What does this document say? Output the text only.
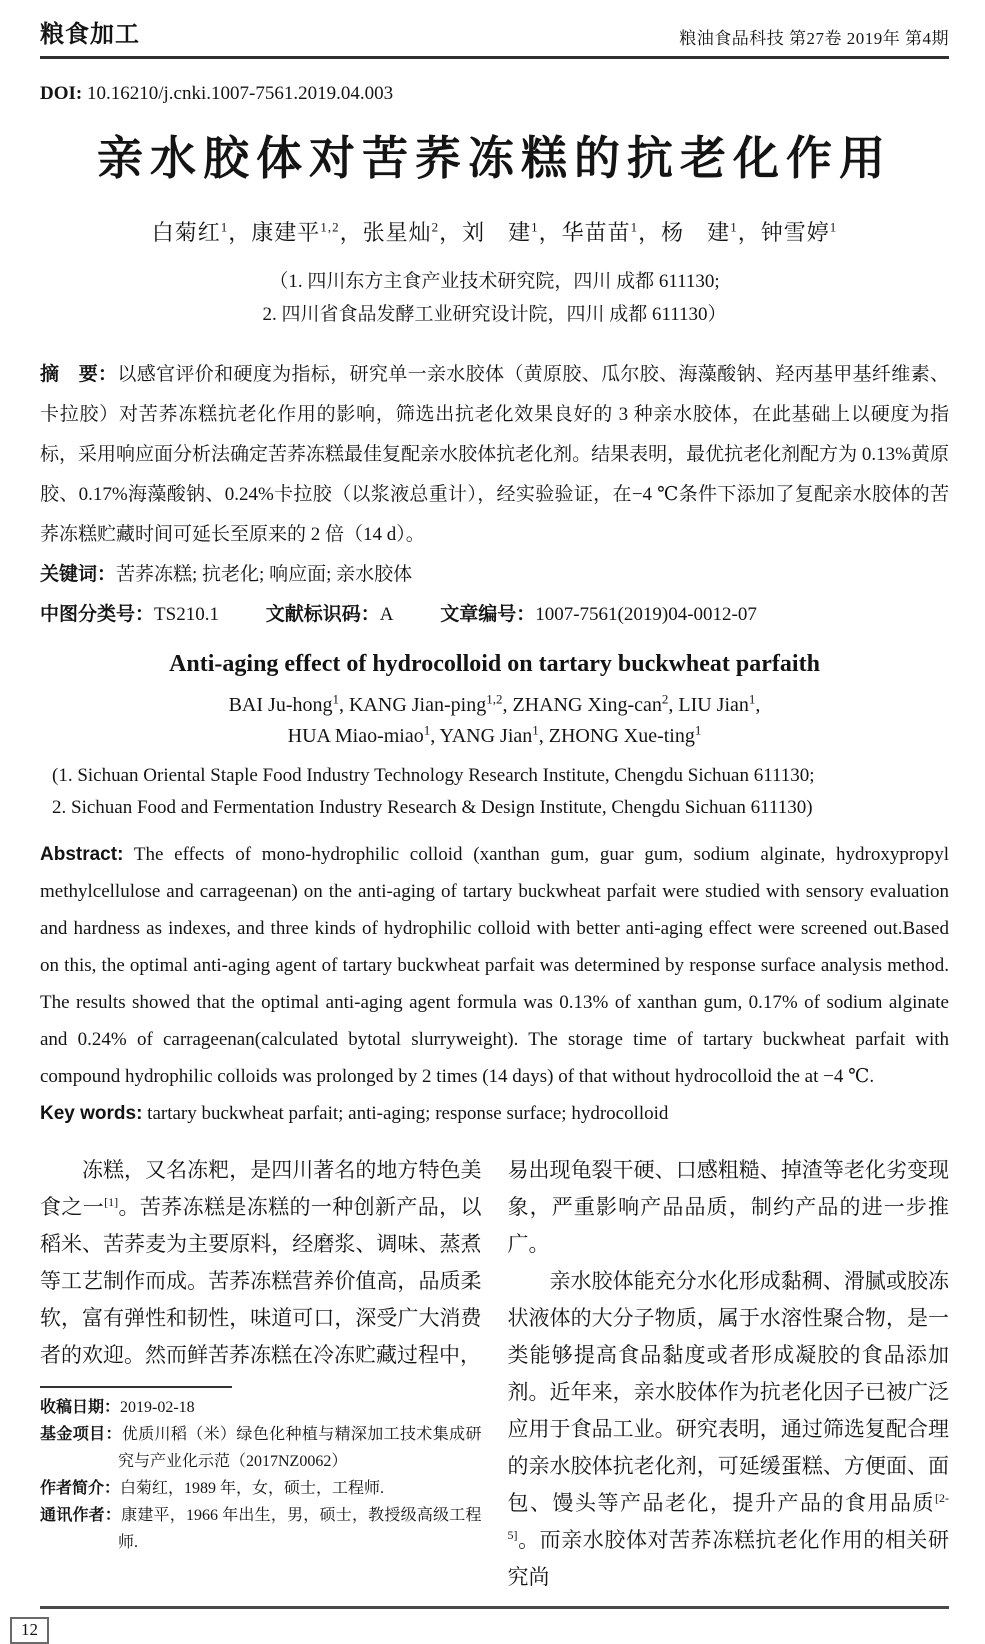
粮食加工	粮油食品科技 第27卷 2019年 第4期
DOI: 10.16210/j.cnki.1007-7561.2019.04.003
亲水胶体对苦荞冻糕的抗老化作用
白菊红$^1$，康建平$^{1,2}$，张星灿$^2$，刘　建$^1$，华苗苗$^1$，杨　建$^1$，钟雪婷$^1$
（1. 四川东方主食产业技术研究院，四川 成都 611130;
2. 四川省食品发酵工业研究设计院，四川 成都 611130）
摘　要：以感官评价和硬度为指标，研究单一亲水胶体（黄原胶、瓜尔胶、海藻酸钠、羟丙基甲基纤维素、卡拉胶）对苦荞冻糕抗老化作用的影响，筛选出抗老化效果良好的 3 种亲水胶体，在此基础上以硬度为指标，采用响应面分析法确定苦荞冻糕最佳复配亲水胶体抗老化剂。结果表明，最优抗老化剂配方为 0.13%黄原胶、0.17%海藻酸钠、0.24%卡拉胶（以浆液总重计），经实验验证，在−4 ℃条件下添加了复配亲水胶体的苦荞冻糕贮藏时间可延长至原来的 2 倍（14 d）。
关键词：苦荞冻糕; 抗老化; 响应面; 亲水胶体
中图分类号：TS210.1 文献标识码：A 文章编号：1007-7561(2019)04-0012-07
Anti-aging effect of hydrocolloid on tartary buckwheat parfaith
BAI Ju-hong$^1$, KANG Jian-ping$^{1,2}$, ZHANG Xing-can$^2$, LIU Jian$^1$,
HUA Miao-miao$^1$, YANG Jian$^1$, ZHONG Xue-ting$^1$
(1. Sichuan Oriental Staple Food Industry Technology Research Institute, Chengdu Sichuan 611130;
2. Sichuan Food and Fermentation Industry Research & Design Institute, Chengdu Sichuan 611130)
Abstract: The effects of mono-hydrophilic colloid (xanthan gum, guar gum, sodium alginate, hydroxypropyl methylcellulose and carrageenan) on the anti-aging of tartary buckwheat parfait were studied with sensory evaluation and hardness as indexes, and three kinds of hydrophilic colloid with better anti-aging effect were screened out.Based on this, the optimal anti-aging agent of tartary buckwheat parfait was determined by response surface analysis method. The results showed that the optimal anti-aging agent formula was 0.13% of xanthan gum, 0.17% of sodium alginate and 0.24% of carrageenan(calculated bytotal slurryweight). The storage time of tartary buckwheat parfait with compound hydrophilic colloids was prolonged by 2 times (14 days) of that without hydrocolloid the at −4 ℃.
Key words: tartary buckwheat parfait; anti-aging; response surface; hydrocolloid

冻糕，又名冻粑，是四川著名的地方特色美食之一[1]。苦荞冻糕是冻糕的一种创新产品，以稻米、苦荞麦为主要原料，经磨浆、调味、蒸煮等工艺制作而成。苦荞冻糕营养价值高，品质柔软，富有弹性和韧性，味道可口，深受广大消费者的欢迎。然而鲜苦荞冻糕在冷冻贮藏过程中，

收稿日期：2019-02-18
基金项目：优质川稻（米）绿色化种植与精深加工技术集成研究与产业化示范（2017NZ0062）
作者简介：白菊红，1989 年，女，硕士，工程师.
通讯作者：康建平，1966 年出生，男，硕士，教授级高级工程师.

易出现龟裂干硬、口感粗糙、掉渣等老化劣变现象，严重影响产品品质，制约产品的进一步推广。

亲水胶体能充分水化形成黏稠、滑腻或胶冻状液体的大分子物质，属于水溶性聚合物，是一类能够提高食品黏度或者形成凝胶的食品添加剂。近年来，亲水胶体作为抗老化因子已被广泛应用于食品工业。研究表明，通过筛选复配合理的亲水胶体抗老化剂，可延缓蛋糕、方便面、面包、馒头等产品老化，提升产品的食用品质[2-5]。而亲水胶体对苦荞冻糕抗老化作用的相关研究尚

12
